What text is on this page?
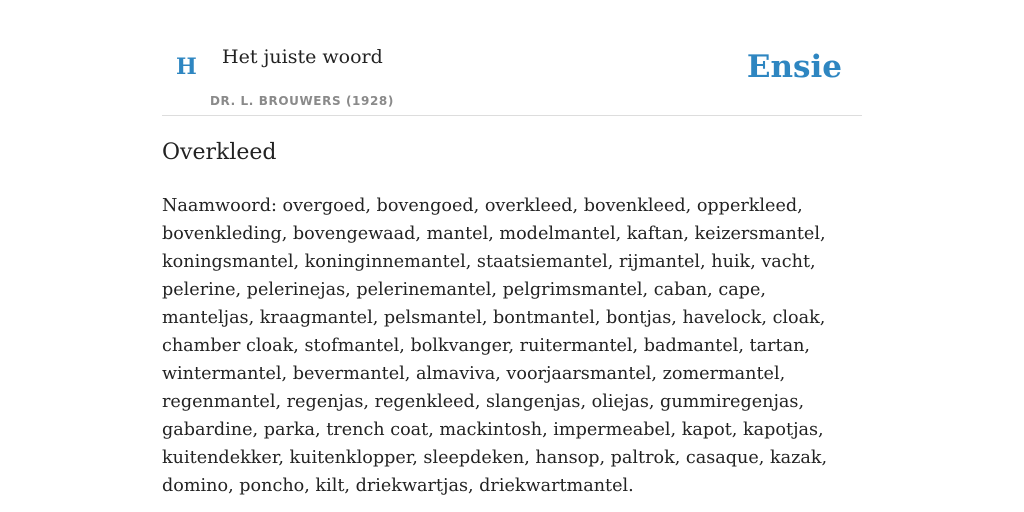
H Het juiste woord
DR. L. BROUWERS (1928)
Ensie
Overkleed

Naamwoord: overgoed, bovengoed, overkleed, bovenkleed, opperkleed, bovenkleding, bovengewaad, mantel, modelmantel, kaftan, keizersmantel, koningsmantel, koninginnemantel, staatsiemantel, rijmantel, huik, vacht, pelerine, pelerinejas, pelerinemantel, pelgrimsmantel, caban, cape, manteljas, kraagmantel, pelsmantel, bontmantel, bontjas, havelock, cloak, chamber cloak, stofmantel, bolkvanger, ruitermantel, badmantel, tartan, wintermantel, bevermantel, almaviva, voorjaarsmantel, zomermantel, regenmantel, regenjas, regenkleed, slangenjas, oliejas, gummiregenjas, gabardine, parka, trench coat, mackintosh, impermeabel, kapot, kapotjas, kuitendekker, kuitenklopper, sleepdeken, hansop, paltrok, casaque, kazak, domino, poncho, kilt, driekwartjas, driekwartmantel.
